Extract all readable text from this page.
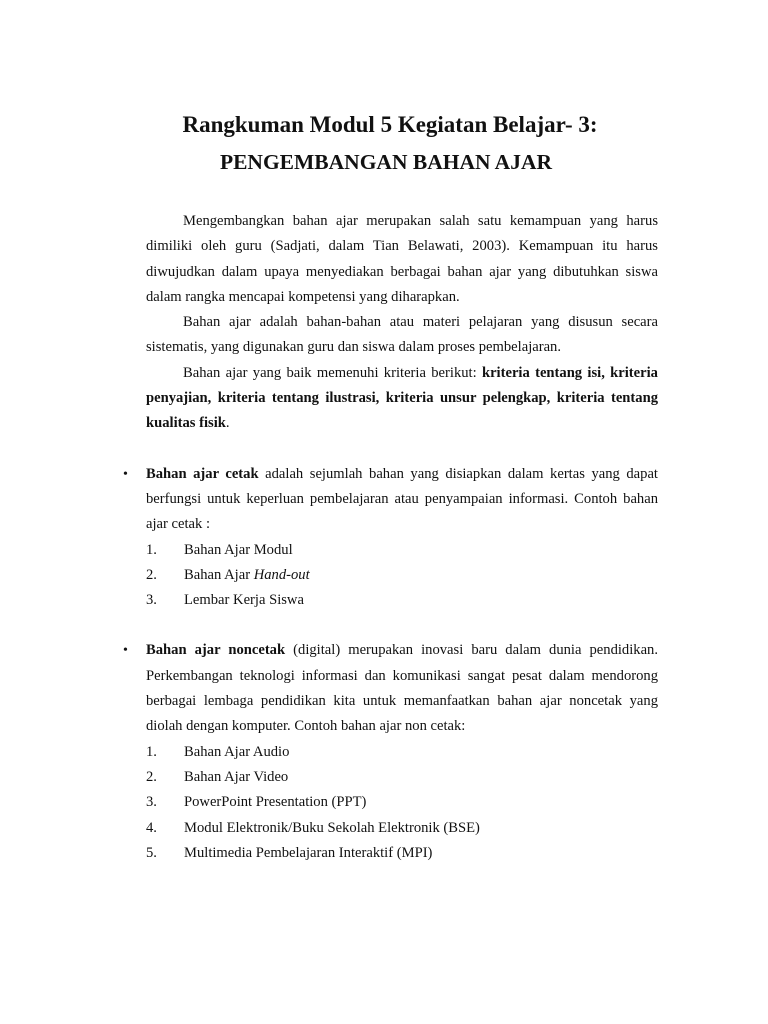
Rangkuman Modul 5 Kegiatan Belajar- 3:
PENGEMBANGAN BAHAN AJAR

Mengembangkan bahan ajar merupakan salah satu kemampuan yang harus dimiliki oleh guru (Sadjati, dalam Tian Belawati, 2003). Kemampuan itu harus diwujudkan dalam upaya menyediakan berbagai bahan ajar yang dibutuhkan siswa dalam rangka mencapai kompetensi yang diharapkan.

Bahan ajar adalah bahan-bahan atau materi pelajaran yang disusun secara sistematis, yang digunakan guru dan siswa dalam proses pembelajaran.

Bahan ajar yang baik memenuhi kriteria berikut: kriteria tentang isi, kriteria penyajian, kriteria tentang ilustrasi, kriteria unsur pelengkap, kriteria tentang kualitas fisik.

• Bahan ajar cetak adalah sejumlah bahan yang disiapkan dalam kertas yang dapat berfungsi untuk keperluan pembelajaran atau penyampaian informasi. Contoh bahan ajar cetak :

1. Bahan Ajar Modul
2. Bahan Ajar Hand-out
3. Lembar Kerja Siswa
• Bahan ajar noncetak (digital) merupakan inovasi baru dalam dunia pendidikan. Perkembangan teknologi informasi dan komunikasi sangat pesat dalam mendorong berbagai lembaga pendidikan kita untuk memanfaatkan bahan ajar noncetak yang diolah dengan komputer. Contoh bahan ajar non cetak:

1. Bahan Ajar Audio
2. Bahan Ajar Video
3. PowerPoint Presentation (PPT)
4. Modul Elektronik/Buku Sekolah Elektronik (BSE)
5. Multimedia Pembelajaran Interaktif (MPI)
